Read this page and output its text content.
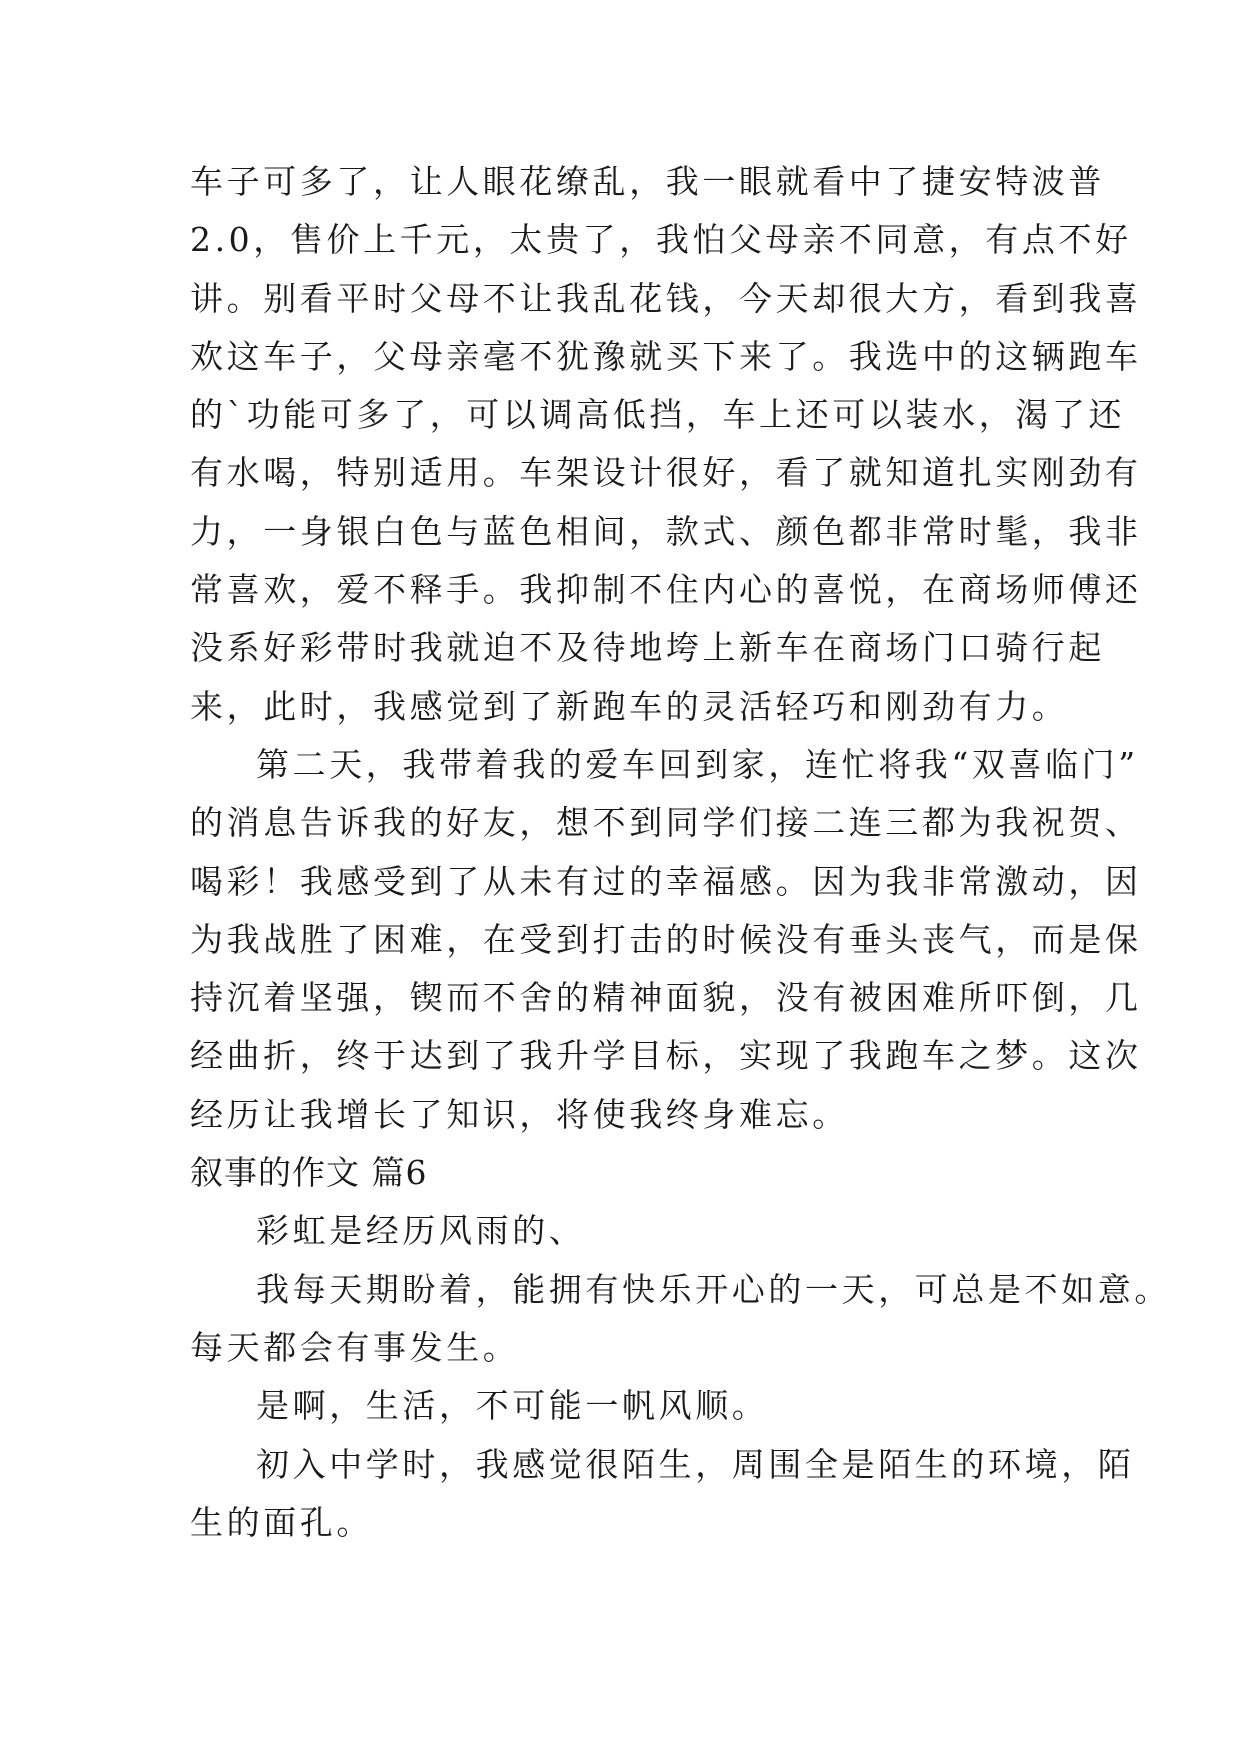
车子可多了，让人眼花缭乱，我一眼就看中了捷安特波普
2.0，售价上千元，太贵了，我怕父母亲不同意，有点不好
讲。别看平时父母不让我乱花钱，今天却很大方，看到我喜
欢这车子，父母亲毫不犹豫就买下来了。我选中的这辆跑车
的`功能可多了，可以调高低挡，车上还可以装水，渴了还
有水喝，特别适用。车架设计很好，看了就知道扎实刚劲有
力，一身银白色与蓝色相间，款式、颜色都非常时髦，我非
常喜欢，爱不释手。我抑制不住内心的喜悦，在商场师傅还
没系好彩带时我就迫不及待地垮上新车在商场门口骑行起
来，此时，我感觉到了新跑车的灵活轻巧和刚劲有力。
第二天，我带着我的爱车回到家，连忙将我“双喜临门”
的消息告诉我的好友，想不到同学们接二连三都为我祝贺、
喝彩！我感受到了从未有过的幸福感。因为我非常激动，因
为我战胜了困难，在受到打击的时候没有垂头丧气，而是保
持沉着坚强，锲而不舍的精神面貌，没有被困难所吓倒，几
经曲折，终于达到了我升学目标，实现了我跑车之梦。这次
经历让我增长了知识，将使我终身难忘。
叙事的作文 篇6
彩虹是经历风雨的、
我每天期盼着，能拥有快乐开心的一天，可总是不如意。
每天都会有事发生。
是啊，生活，不可能一帆风顺。
初入中学时，我感觉很陌生，周围全是陌生的环境，陌
生的面孔。
